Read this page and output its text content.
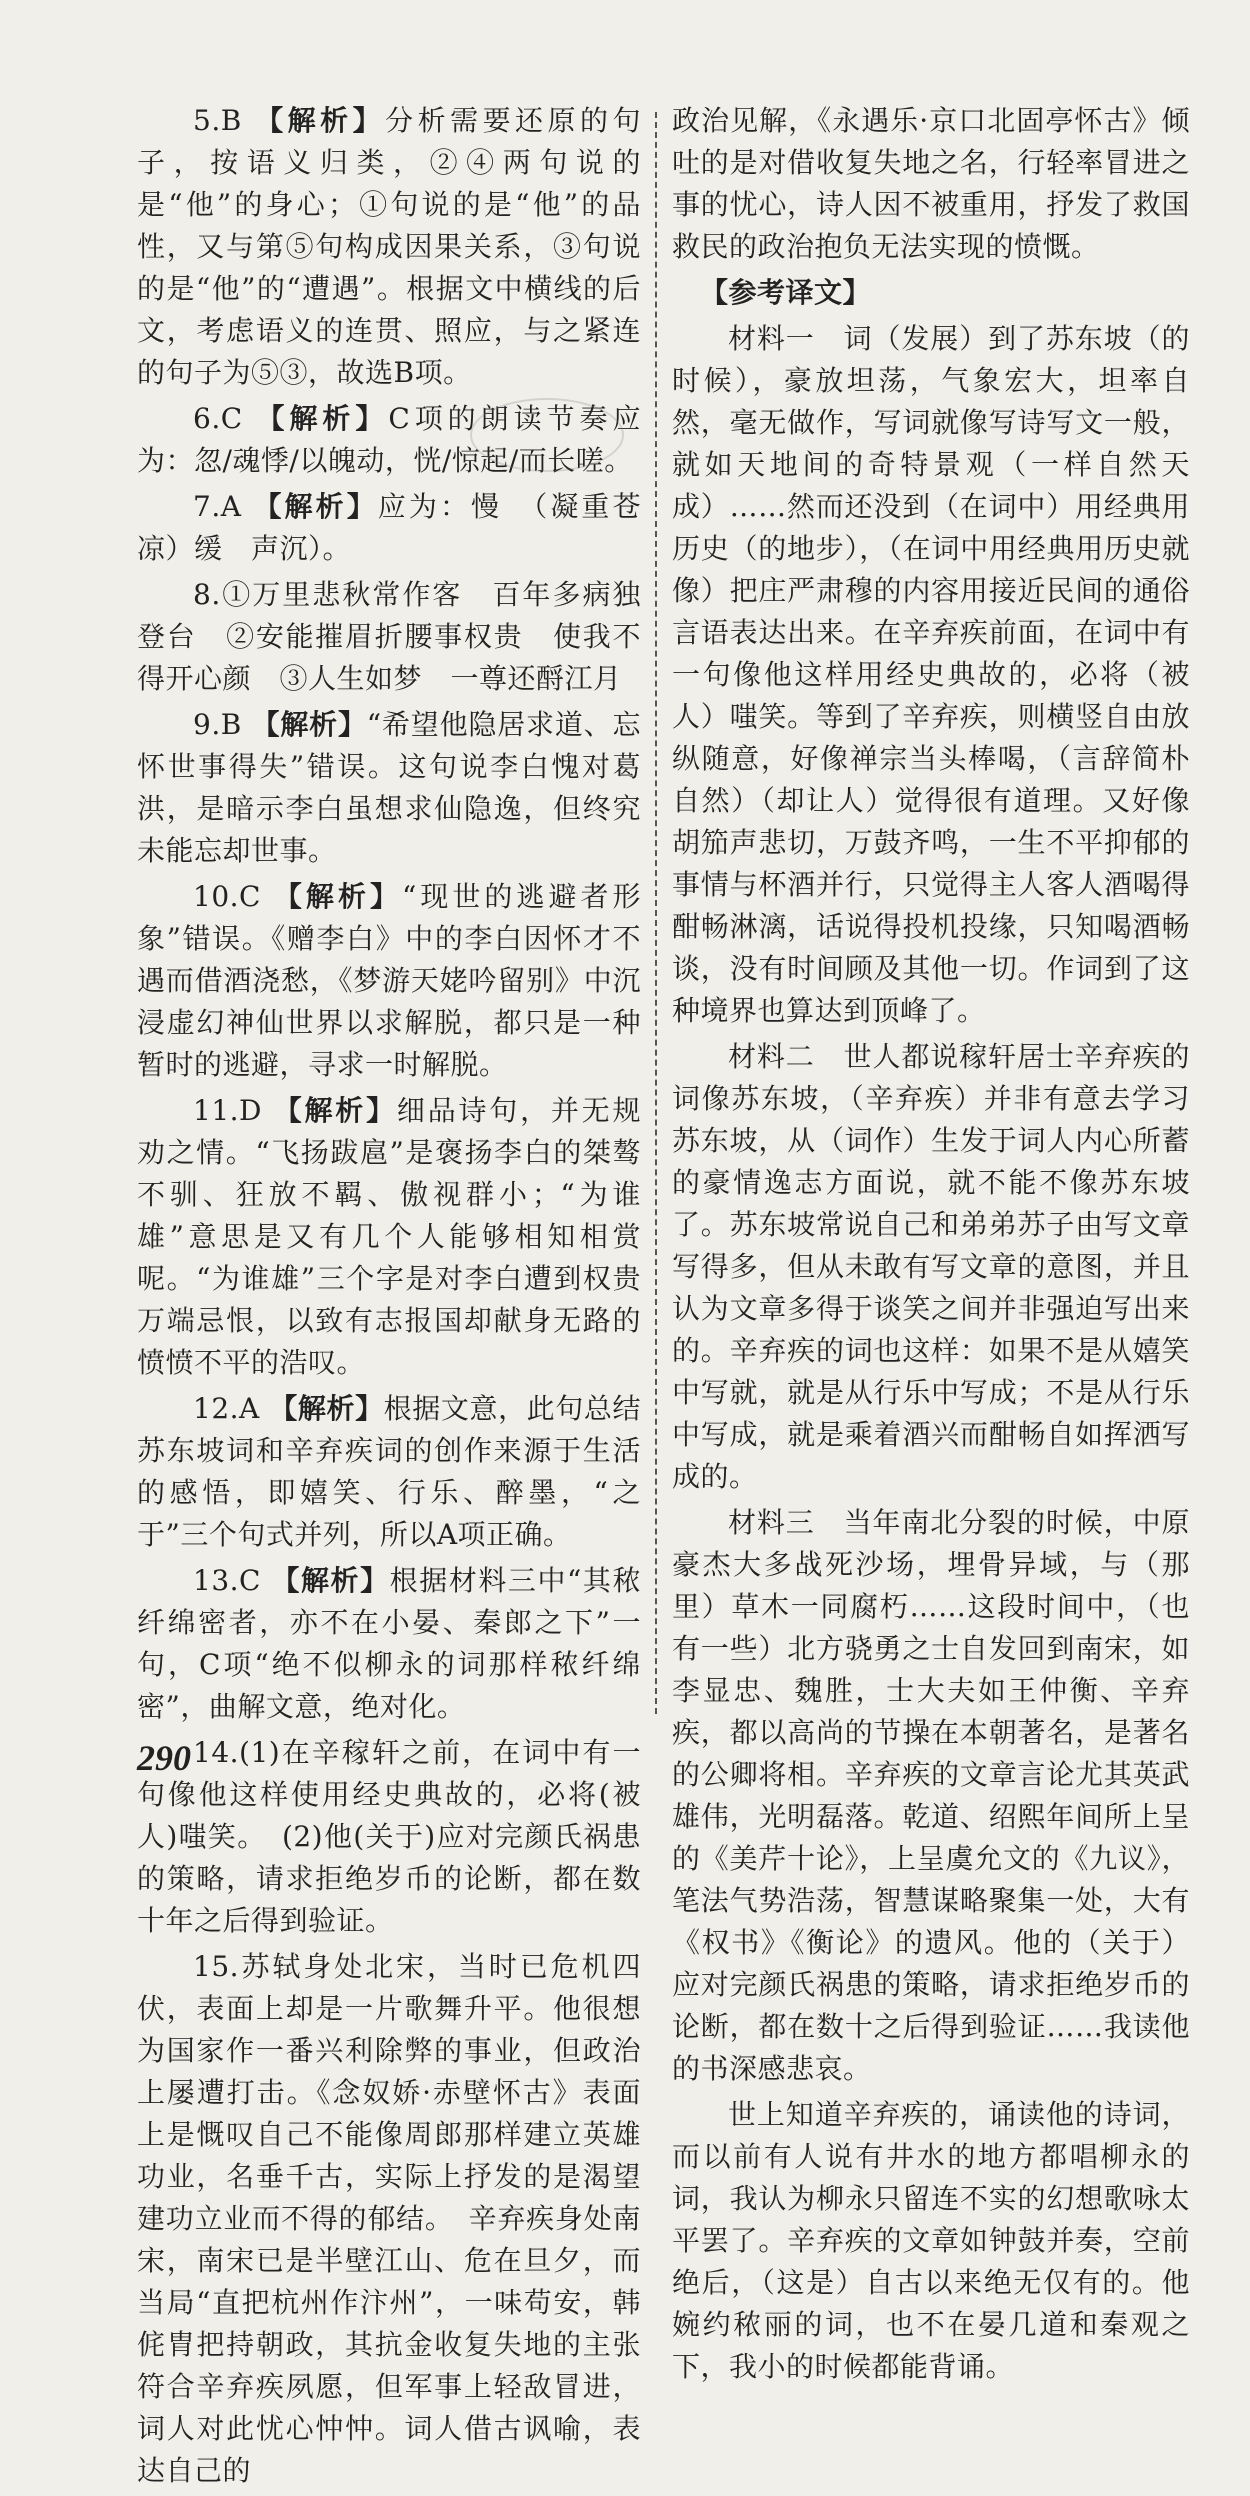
5.B 【解析】分析需要还原的句子，按语义归类，②④两句说的是“他”的身心；①句说的是“他”的品性，又与第⑤句构成因果关系，③句说的是“他”的“遭遇”。根据文中横线的后文，考虑语义的连贯、照应，与之紧连的句子为⑤③，故选B项。

6.C 【解析】C项的朗读节奏应为：忽/魂悸/以魄动，恍/惊起/而长嗟。

7.A 【解析】应为：慢　（凝重苍凉）缓　声沉）。

8.①万里悲秋常作客　百年多病独登台　②安能摧眉折腰事权贵　使我不得开心颜　③人生如梦　一尊还酹江月

9.B 【解析】“希望他隐居求道、忘怀世事得失”错误。这句说李白愧对葛洪，是暗示李白虽想求仙隐逸，但终究未能忘却世事。

10.C 【解析】“现世的逃避者形象”错误。《赠李白》中的李白因怀才不遇而借酒浇愁，《梦游天姥吟留别》中沉浸虚幻神仙世界以求解脱，都只是一种暂时的逃避，寻求一时解脱。

11.D 【解析】细品诗句，并无规劝之情。“飞扬跋扈”是褒扬李白的桀骜不驯、狂放不羁、傲视群小；“为谁雄”意思是又有几个人能够相知相赏呢。“为谁雄”三个字是对李白遭到权贵万端忌恨，以致有志报国却献身无路的愤愤不平的浩叹。

12.A 【解析】根据文意，此句总结苏东坡词和辛弃疾词的创作来源于生活的感悟，即嬉笑、行乐、醉墨，“之于”三个句式并列，所以A项正确。

13.C 【解析】根据材料三中“其秾纤绵密者，亦不在小晏、秦郎之下”一句，C项“绝不似柳永的词那样秾纤绵密”，曲解文意，绝对化。

14.(1)在辛稼轩之前，在词中有一句像他这样使用经史典故的，必将(被人)嗤笑。　(2)他(关于)应对完颜氏祸患的策略，请求拒绝岁币的论断，都在数十年之后得到验证。

15.苏轼身处北宋，当时已危机四伏，表面上却是一片歌舞升平。他很想为国家作一番兴利除弊的事业，但政治上屡遭打击。《念奴娇·赤壁怀古》表面上是慨叹自己不能像周郎那样建立英雄功业，名垂千古，实际上抒发的是渴望建功立业而不得的郁结。　辛弃疾身处南宋，南宋已是半壁江山、危在旦夕，而当局“直把杭州作汴州”，一味苟安，韩侂胄把持朝政，其抗金收复失地的主张符合辛弃疾夙愿，但军事上轻敌冒进，词人对此忧心忡忡。词人借古讽喻，表达自己的

政治见解，《永遇乐·京口北固亭怀古》倾吐的是对借收复失地之名，行轻率冒进之事的忧心，诗人因不被重用，抒发了救国救民的政治抱负无法实现的愤慨。

【参考译文】

材料一　词（发展）到了苏东坡（的时候），豪放坦荡，气象宏大，坦率自然，毫无做作，写词就像写诗写文一般，就如天地间的奇特景观（一样自然天成）……然而还没到（在词中）用经典用历史（的地步），（在词中用经典用历史就像）把庄严肃穆的内容用接近民间的通俗言语表达出来。在辛弃疾前面，在词中有一句像他这样用经史典故的，必将（被人）嗤笑。等到了辛弃疾，则横竖自由放纵随意，好像禅宗当头棒喝，（言辞简朴自然）（却让人）觉得很有道理。又好像胡笳声悲切，万鼓齐鸣，一生不平抑郁的事情与杯酒并行，只觉得主人客人酒喝得酣畅淋漓，话说得投机投缘，只知喝酒畅谈，没有时间顾及其他一切。作词到了这种境界也算达到顶峰了。

材料二　世人都说稼轩居士辛弃疾的词像苏东坡，（辛弃疾）并非有意去学习苏东坡，从（词作）生发于词人内心所蓄的豪情逸志方面说，就不能不像苏东坡了。苏东坡常说自己和弟弟苏子由写文章写得多，但从未敢有写文章的意图，并且认为文章多得于谈笑之间并非强迫写出来的。辛弃疾的词也这样：如果不是从嬉笑中写就，就是从行乐中写成；不是从行乐中写成，就是乘着酒兴而酣畅自如挥洒写成的。

材料三　当年南北分裂的时候，中原豪杰大多战死沙场，埋骨异域，与（那里）草木一同腐朽……这段时间中，（也有一些）北方骁勇之士自发回到南宋，如李显忠、魏胜，士大夫如王仲衡、辛弃疾，都以高尚的节操在本朝著名，是著名的公卿将相。辛弃疾的文章言论尤其英武雄伟，光明磊落。乾道、绍熙年间所上呈的《美芹十论》，上呈虞允文的《九议》，笔法气势浩荡，智慧谋略聚集一处，大有《权书》《衡论》的遗风。他的（关于）应对完颜氏祸患的策略，请求拒绝岁币的论断，都在数十之后得到验证……我读他的书深感悲哀。

世上知道辛弃疾的，诵读他的诗词，而以前有人说有井水的地方都唱柳永的词，我认为柳永只留连不实的幻想歌咏太平罢了。辛弃疾的文章如钟鼓并奏，空前绝后，（这是）自古以来绝无仅有的。他婉约秾丽的词，也不在晏几道和秦观之下，我小的时候都能背诵。

290
